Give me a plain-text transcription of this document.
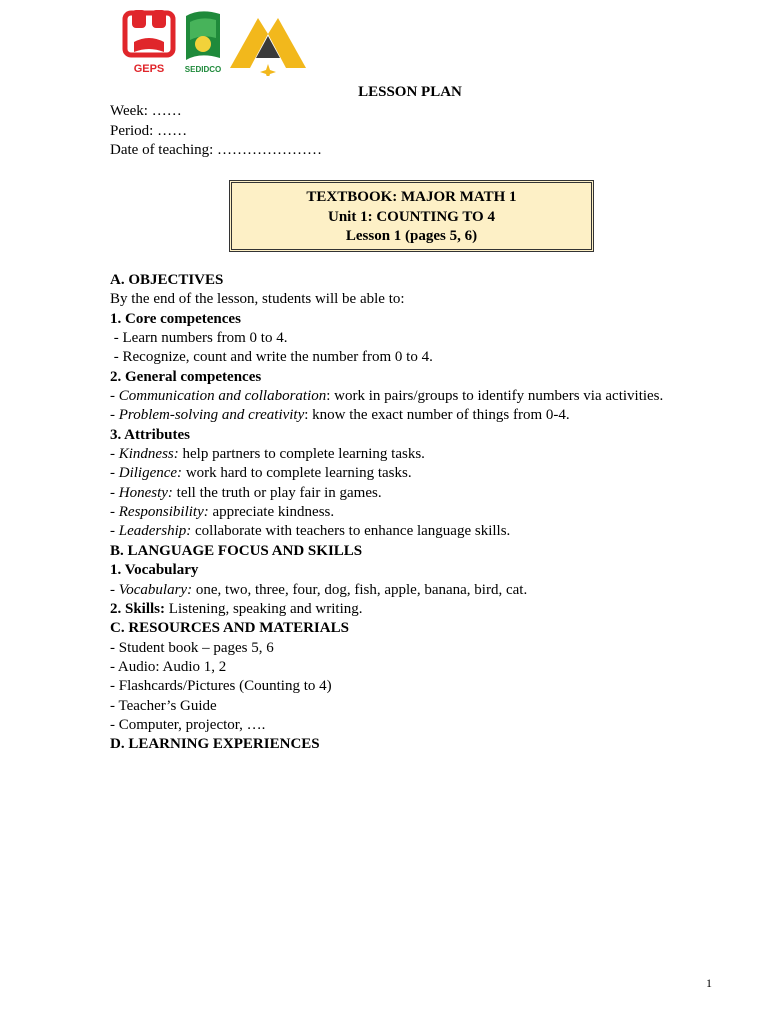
GEPS	SEDIDCO
LESSON PLAN
Week: ……
Period: ……
Date of teaching: …………………
TEXTBOOK: MAJOR MATH 1
Unit 1: COUNTING TO 4
Lesson 1 (pages 5, 6)
A. OBJECTIVES
By the end of the lesson, students will be able to:
1. Core competences
- Learn numbers from 0 to 4.
- Recognize, count and write the number from 0 to 4.
2. General competences
- Communication and collaboration: work in pairs/groups to identify numbers via activities.
- Problem-solving and creativity: know the exact number of things from 0-4.
3. Attributes
- Kindness: help partners to complete learning tasks.
- Diligence: work hard to complete learning tasks.
- Honesty: tell the truth or play fair in games.
- Responsibility: appreciate kindness.
- Leadership: collaborate with teachers to enhance language skills.
B. LANGUAGE FOCUS AND SKILLS
1. Vocabulary
- Vocabulary: one, two, three, four, dog, fish, apple, banana, bird, cat.
2. Skills: Listening, speaking and writing.
C. RESOURCES AND MATERIALS
- Student book – pages 5, 6
- Audio: Audio 1, 2
- Flashcards/Pictures (Counting to 4)
- Teacher’s Guide
- Computer, projector, ….
D. LEARNING EXPERIENCES
1
